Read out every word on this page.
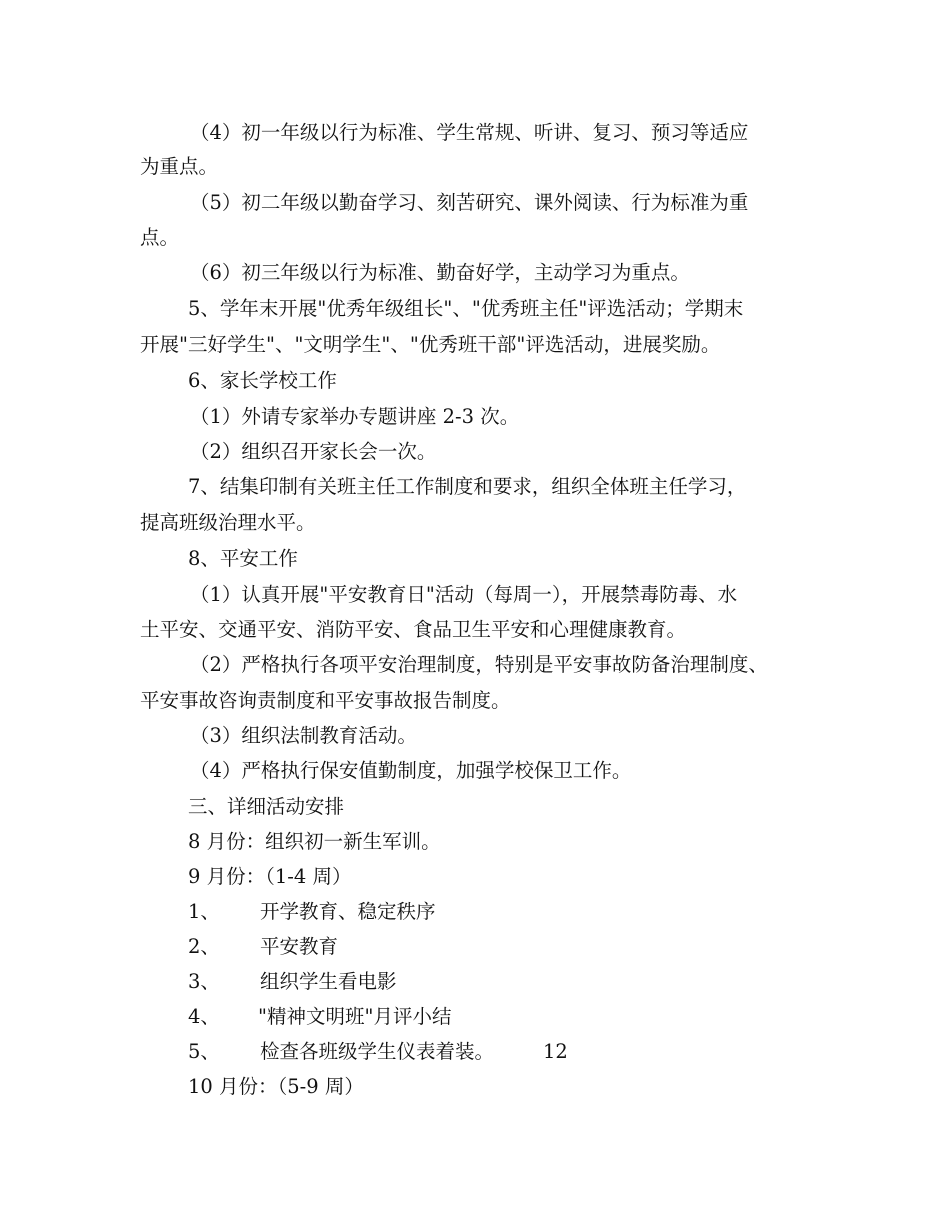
（4）初一年级以行为标准、学生常规、听讲、复习、预习等适应
为重点。
（5）初二年级以勤奋学习、刻苦研究、课外阅读、行为标准为重
点。
（6）初三年级以行为标准、勤奋好学，主动学习为重点。
5、学年末开展"优秀年级组长"、"优秀班主任"评选活动；学期末
开展"三好学生"、"文明学生"、"优秀班干部"评选活动，进展奖励。
6、家长学校工作
（1）外请专家举办专题讲座 2-3 次。
（2）组织召开家长会一次。
7、结集印制有关班主任工作制度和要求，组织全体班主任学习，
提高班级治理水平。
8、平安工作
（1）认真开展"平安教育日"活动（每周一），开展禁毒防毒、水
土平安、交通平安、消防平安、食品卫生平安和心理健康教育。
（2）严格执行各项平安治理制度，特别是平安事故防备治理制度、
平安事故咨询责制度和平安事故报告制度。
（3）组织法制教育活动。
（4）严格执行保安值勤制度，加强学校保卫工作。
三、详细活动安排
8 月份：组织初一新生军训。
9 月份：（1-4 周）
1、 开学教育、稳定秩序
2、 平安教育
3、 组织学生看电影
4、 "精神文明班"月评小结
5、 检查各班级学生仪表着装。	12
10 月份：（5-9 周）
